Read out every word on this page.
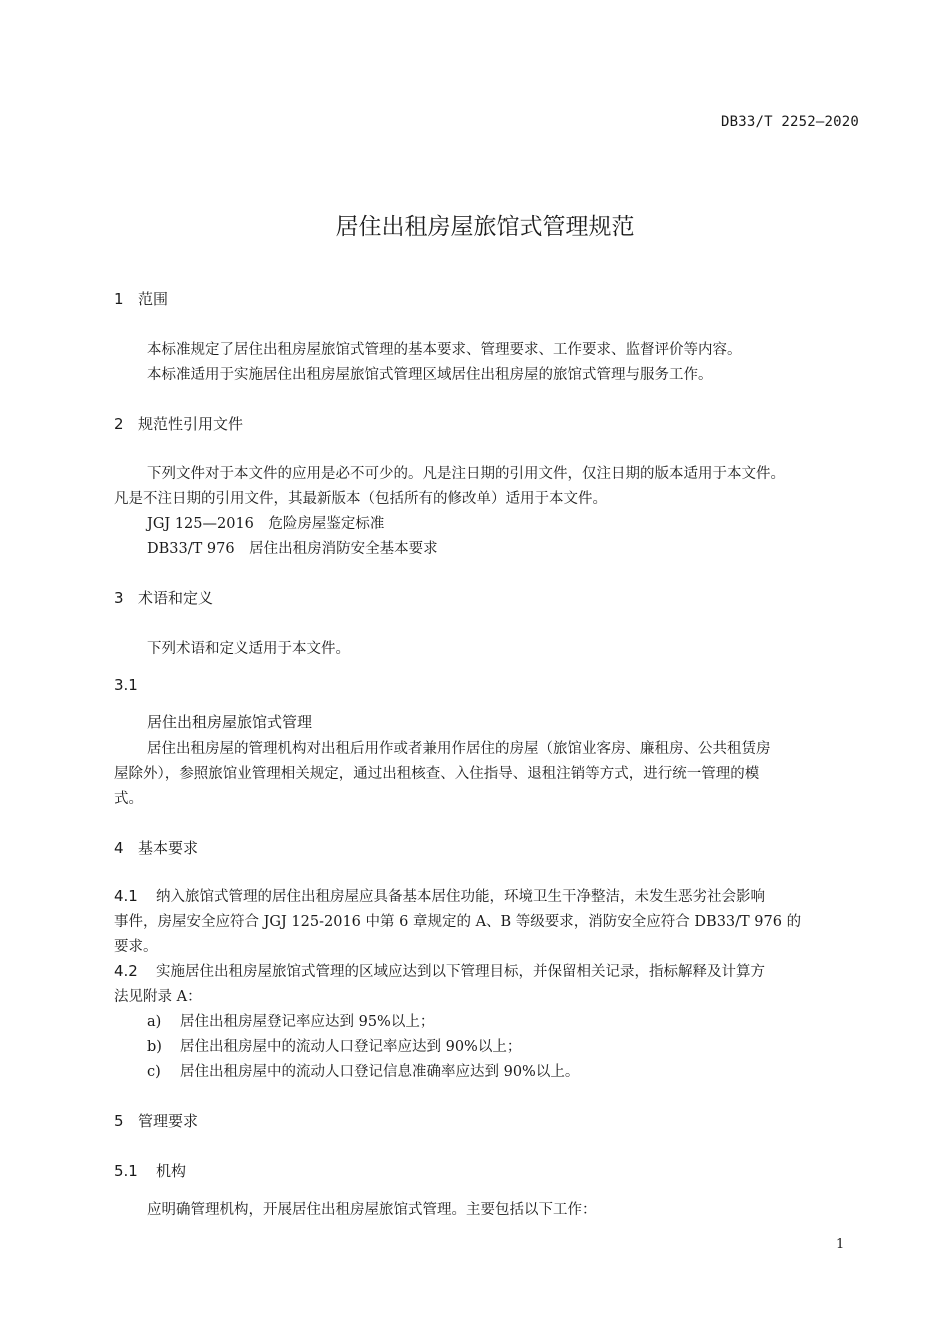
DB33/T 2252—2020
居住出租房屋旅馆式管理规范
1 范围
本标准规定了居住出租房屋旅馆式管理的基本要求、管理要求、工作要求、监督评价等内容。
本标准适用于实施居住出租房屋旅馆式管理区域居住出租房屋的旅馆式管理与服务工作。
2 规范性引用文件
下列文件对于本文件的应用是必不可少的。凡是注日期的引用文件，仅注日期的版本适用于本文件。
凡是不注日期的引用文件，其最新版本（包括所有的修改单）适用于本文件。
JGJ 125—2016　危险房屋鉴定标准
DB33/T 976　居住出租房消防安全基本要求
3 术语和定义
下列术语和定义适用于本文件。
3.1
居住出租房屋旅馆式管理
居住出租房屋的管理机构对出租后用作或者兼用作居住的房屋（旅馆业客房、廉租房、公共租赁房
屋除外），参照旅馆业管理相关规定，通过出租核查、入住指导、退租注销等方式，进行统一管理的模
式。
4 基本要求
4.1 纳入旅馆式管理的居住出租房屋应具备基本居住功能，环境卫生干净整洁，未发生恶劣社会影响
事件，房屋安全应符合 JGJ 125-2016 中第 6 章规定的 A、B 等级要求，消防安全应符合 DB33/T 976 的
要求。
4.2 实施居住出租房屋旅馆式管理的区域应达到以下管理目标，并保留相关记录，指标解释及计算方
法见附录 A：
a) 居住出租房屋登记率应达到 95%以上；
b) 居住出租房屋中的流动人口登记率应达到 90%以上；
c) 居住出租房屋中的流动人口登记信息准确率应达到 90%以上。
5 管理要求
5.1 机构
应明确管理机构，开展居住出租房屋旅馆式管理。主要包括以下工作：
1
